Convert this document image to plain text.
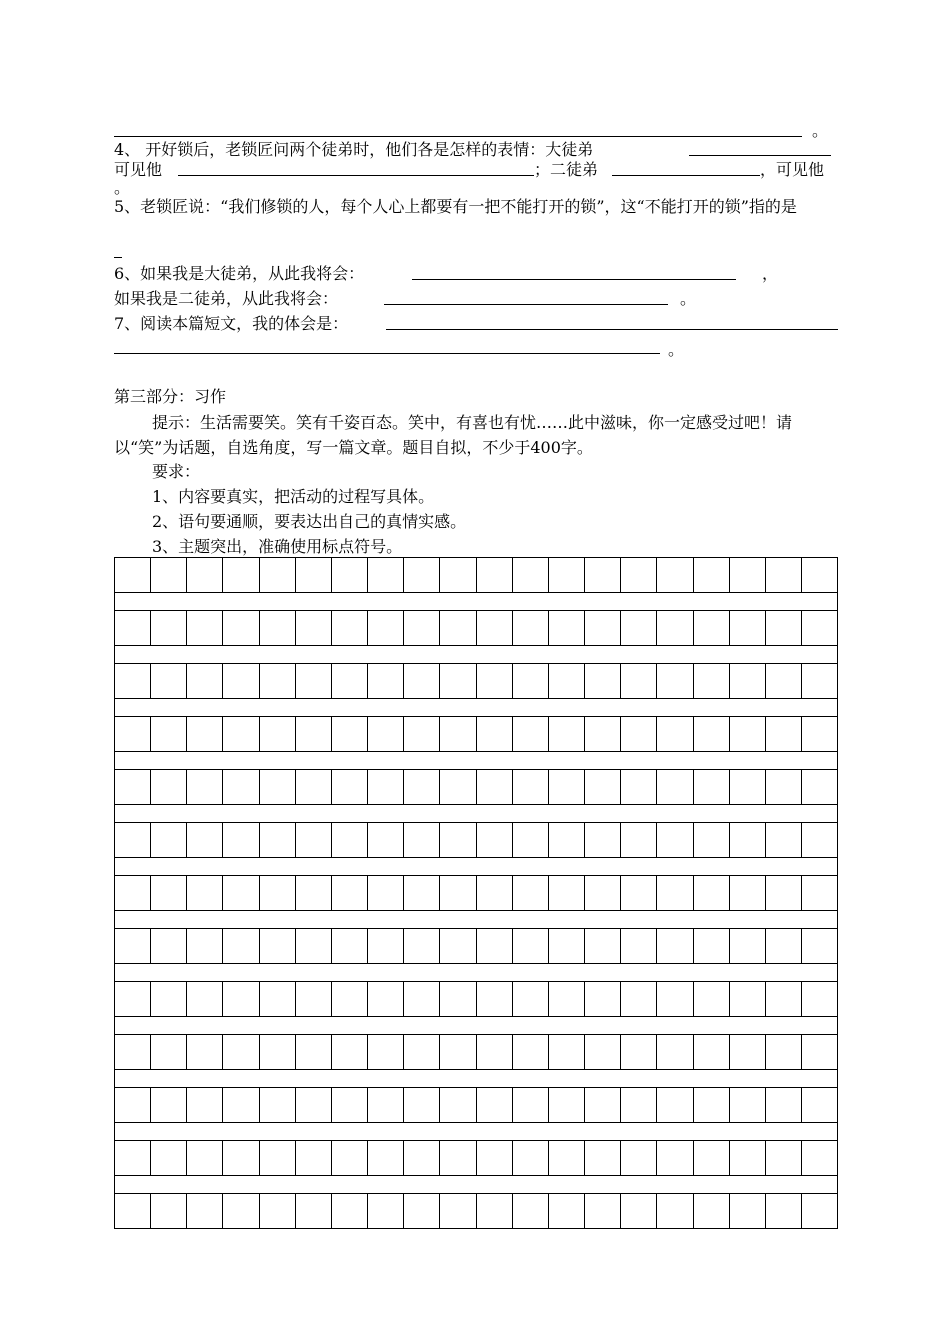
。
4、 开好锁后，老锁匠问两个徒弟时，他们各是怎样的表情：大徒弟
可见他	；二徒弟	，可见他
。
5、老锁匠说：“我们修锁的人，每个人心上都要有一把不能打开的锁”，这“不能打开的锁”指的是
6、如果我是大徒弟，从此我将会：	，
如果我是二徒弟，从此我将会：	。
7、阅读本篇短文，我的体会是：
。
第三部分：习作
提示：生活需要笑。笑有千姿百态。笑中，有喜也有忧……此中滋味，你一定感受过吧！请以“笑”为话题，自选角度，写一篇文章。题目自拟，不少于400字。
要求：
1、内容要真实，把活动的过程写具体。
2、语句要通顺，要表达出自己的真情实感。
3、主题突出，准确使用标点符号。
